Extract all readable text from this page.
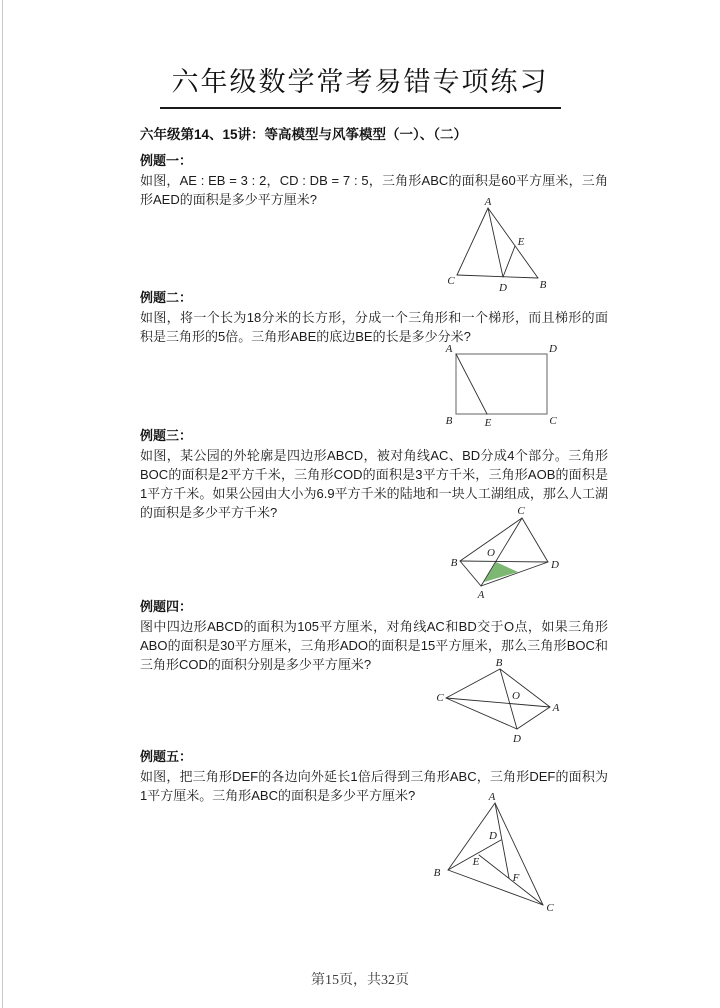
六年级数学常考易错专项练习
六年级第14、15讲：等高模型与风筝模型（一）、（二）
例题一：
如图，AE : EB = 3 : 2，CD : DB = 7 : 5，三角形ABC的面积是60平方厘米，三角形AED的面积是多少平方厘米?	A
C
D	B
E
例题二：
如图，将一个长为18分米的长方形，分成一个三角形和一个梯形，而且梯形的面积是三角形的5倍。三角形ABE的底边BE的长是多少分米?
A	D
B	E	C
例题三：
如图，某公园的外轮廓是四边形ABCD，被对角线AC、BD分成4个部分。三角形BOC的面积是2平方千米，三角形COD的面积是3平方千米，三角形AOB的面积是1平方千米。如果公园由大小为6.9平方千米的陆地和一块人工湖组成，那么人工湖的面积是多少平方千米?	C
B
O
D
A
例题四：
图中四边形ABCD的面积为105平方厘米，对角线AC和BD交于O点，如果三角形ABO的面积是30平方厘米，三角形ADO的面积是15平方厘米，那么三角形BOC和三角形COD的面积分别是多少平方厘米?	B
C	O
A
D
例题五：
如图，把三角形DEF的各边向外延长1倍后得到三角形ABC，三角形DEF的面积为1平方厘米。三角形ABC的面积是多少平方厘米?	A
D
E
B	F
C
第15页，共32页
